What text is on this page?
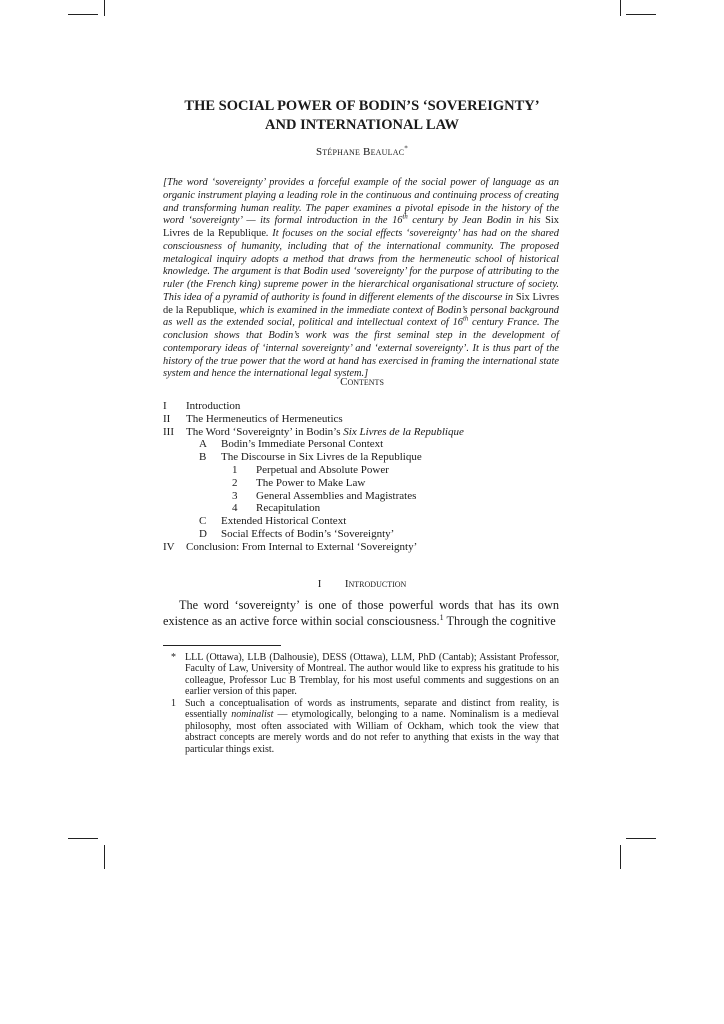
THE SOCIAL POWER OF BODIN’S ‘SOVEREIGNTY’
AND INTERNATIONAL LAW
Stéphane Beaulac*
[The word ‘sovereignty’ provides a forceful example of the social power of language as an organic instrument playing a leading role in the continuous and continuing process of creating and transforming human reality. The paper examines a pivotal episode in the history of the word ‘sovereignty’ — its formal introduction in the 16th century by Jean Bodin in his Six Livres de la Republique. It focuses on the social effects ‘sovereignty’ has had on the shared consciousness of humanity, including that of the international community. The proposed metalogical inquiry adopts a method that draws from the hermeneutic school of historical knowledge. The argument is that Bodin used ‘sovereignty’ for the purpose of attributing to the ruler (the French king) supreme power in the hierarchical organisational structure of society. This idea of a pyramid of authority is found in different elements of the discourse in Six Livres de la Republique, which is examined in the immediate context of Bodin’s personal background as well as the extended social, political and intellectual context of 16th century France. The conclusion shows that Bodin’s work was the first seminal step in the development of contemporary ideas of ‘internal sovereignty’ and ‘external sovereignty’. It is thus part of the history of the true power that the word at hand has exercised in framing the international state system and hence the international legal system.]
Contents
I Introduction
II The Hermeneutics of Hermeneutics
III The Word ‘Sovereignty’ in Bodin’s Six Livres de la Republique
A Bodin’s Immediate Personal Context
B The Discourse in Six Livres de la Republique
1 Perpetual and Absolute Power
2 The Power to Make Law
3 General Assemblies and Magistrates
4 Recapitulation
C Extended Historical Context
D Social Effects of Bodin’s ‘Sovereignty’
IV Conclusion: From Internal to External ‘Sovereignty’
I Introduction

The word ‘sovereignty’ is one of those powerful words that has its own existence as an active force within social consciousness.$^1$ Through the cognitive

* LLL (Ottawa), LLB (Dalhousie), DESS (Ottawa), LLM, PhD (Cantab); Assistant Professor, Faculty of Law, University of Montreal. The author would like to express his gratitude to his colleague, Professor Luc B Tremblay, for his most useful comments and suggestions on an earlier version of this paper.
1 Such a conceptualisation of words as instruments, separate and distinct from reality, is essentially nominalist — etymologically, belonging to a name. Nominalism is a medieval philosophy, most often associated with William of Ockham, which took the view that abstract concepts are merely words and do not refer to anything that exists in the way that particular things exist.
